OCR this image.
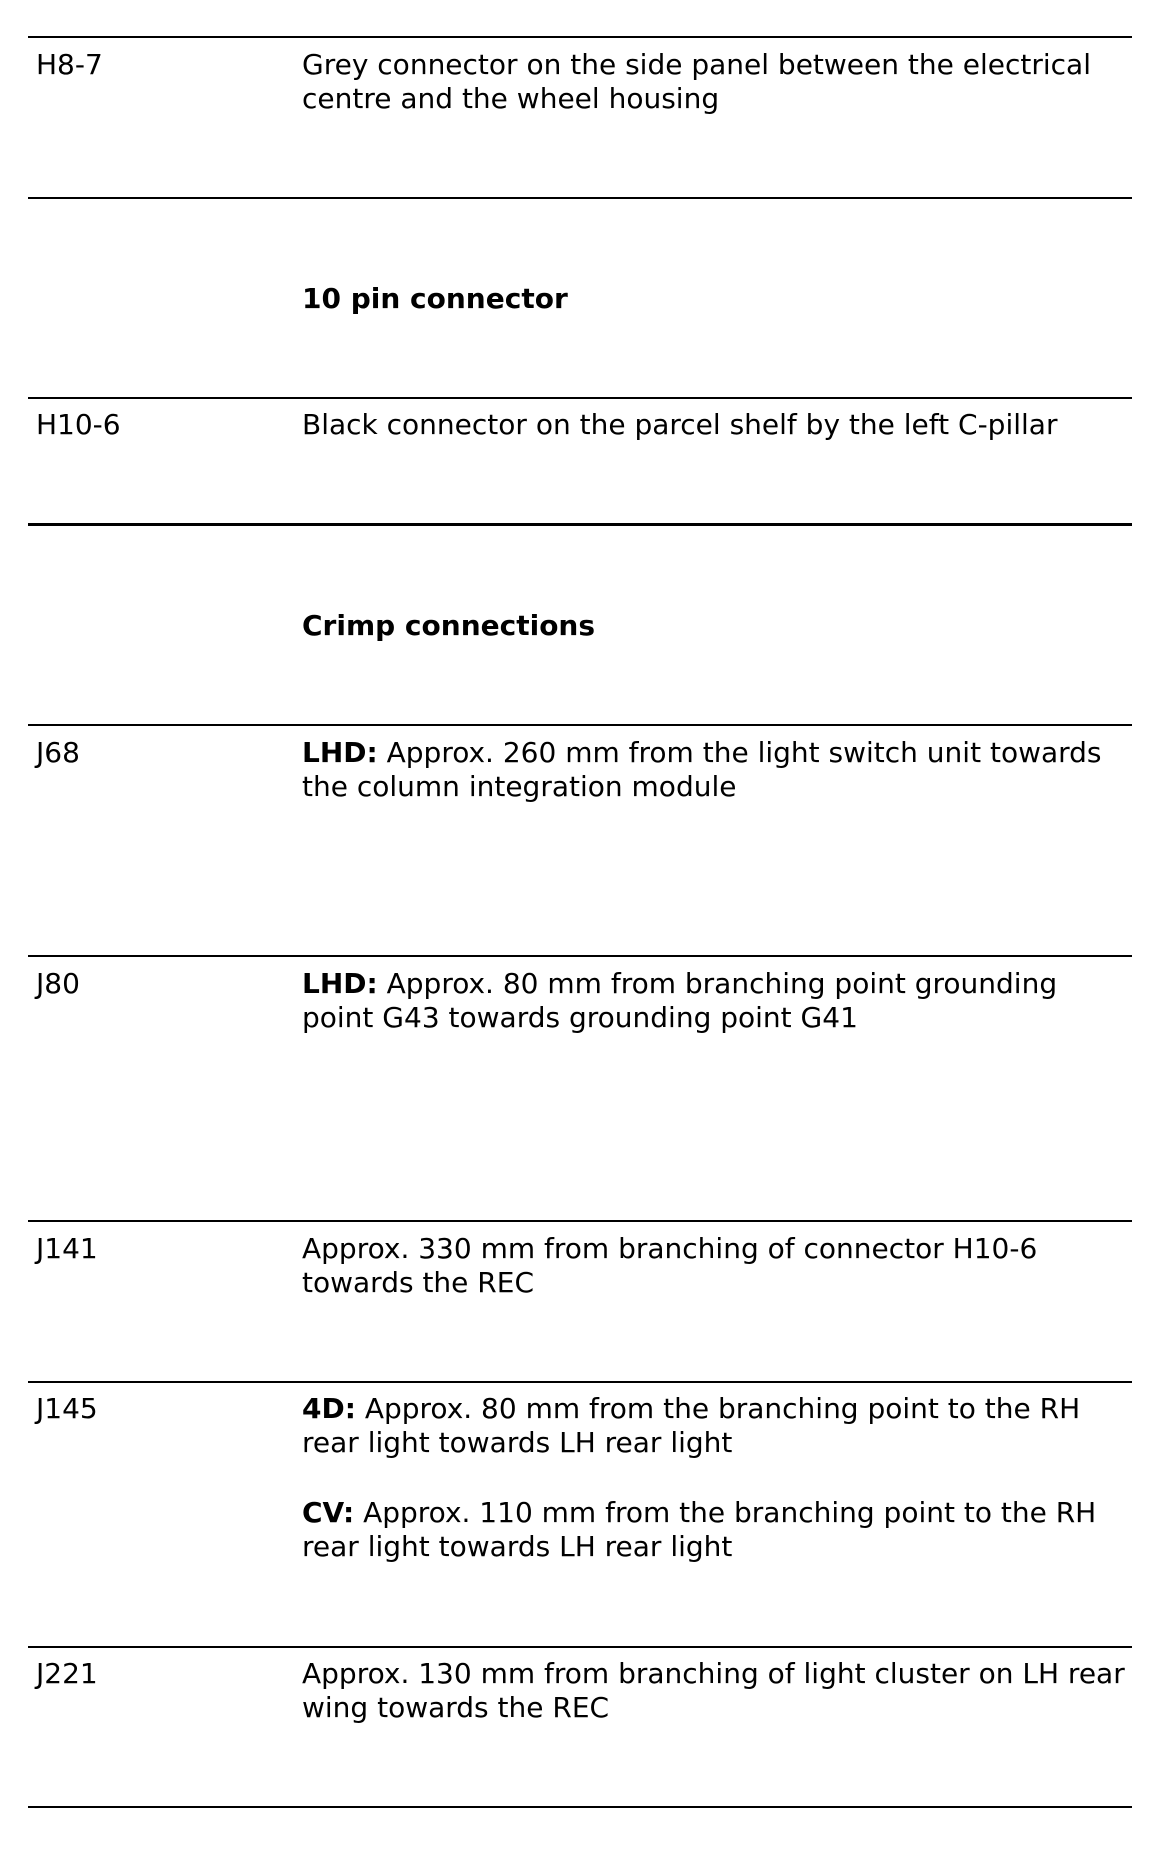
H8-7	Grey connector on the side panel between the electrical centre and the wheel housing

10 pin connector
H10-6	Black connector on the parcel shelf by the left C-pillar

Crimp connections
J68	LHD: Approx. 260 mm from the light switch unit towards the column integration module

J80	LHD: Approx. 80 mm from branching point grounding point G43 towards grounding point G41

J141	Approx. 330 mm from branching of connector H10-6 towards the REC

J145	4D: Approx. 80 mm from the branching point to the RH rear light towards LH rear light

CV: Approx. 110 mm from the branching point to the RH rear light towards LH rear light

J221	Approx. 130 mm from branching of light cluster on LH rear wing towards the REC
